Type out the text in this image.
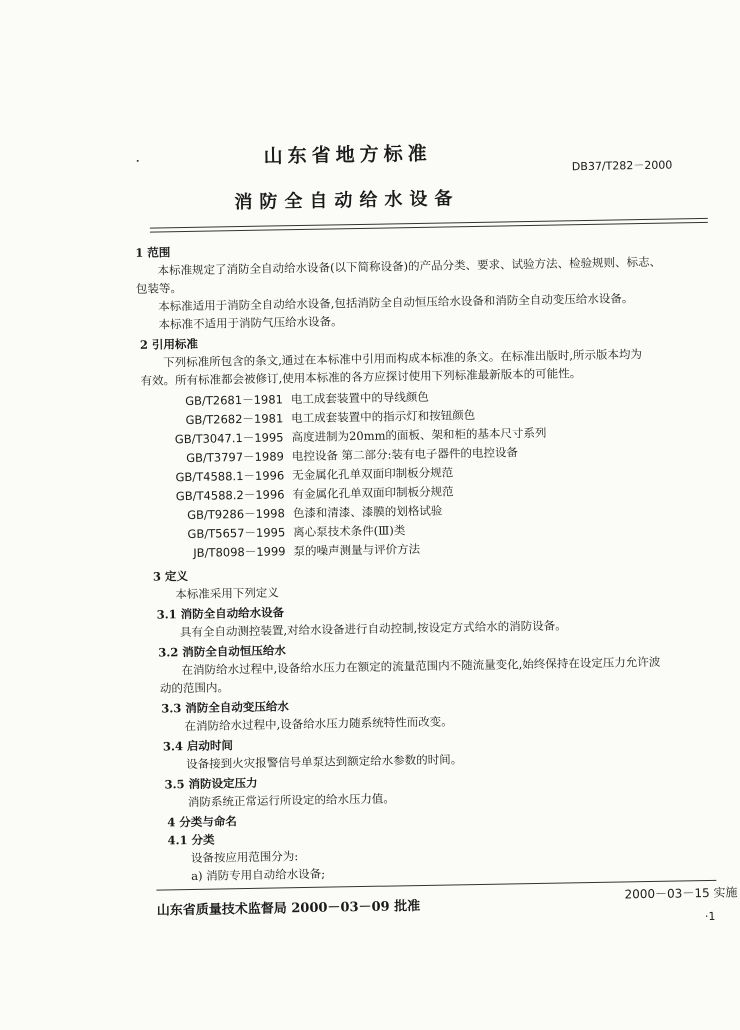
山东省地方标准	DB37/T282－2000
消防全自动给水设备
1 范围
本标准规定了消防全自动给水设备(以下简称设备)的产品分类、要求、试验方法、检验规则、标志、
包装等。
本标准适用于消防全自动给水设备,包括消防全自动恒压给水设备和消防全自动变压给水设备。
本标准不适用于消防气压给水设备。
2 引用标准
下列标准所包含的条文,通过在本标准中引用而构成本标准的条文。在标准出版时,所示版本均为
有效。所有标准都会被修订,使用本标准的各方应探讨使用下列标准最新版本的可能性。
GB/T2681－1981 电工成套装置中的导线颜色
GB/T2682－1981 电工成套装置中的指示灯和按钮颜色
GB/T3047.1－1995 高度进制为20mm的面板、架和柜的基本尺寸系列
GB/T3797－1989 电控设备 第二部分:装有电子器件的电控设备
GB/T4588.1－1996 无金属化孔单双面印制板分规范
GB/T4588.2－1996 有金属化孔单双面印制板分规范
GB/T9286－1998 色漆和清漆、漆膜的划格试验
GB/T5657－1995 离心泵技术条件(Ⅲ)类
JB/T8098－1999 泵的噪声测量与评价方法
3 定义
本标准采用下列定义
3.1 消防全自动给水设备
具有全自动测控装置,对给水设备进行自动控制,按设定方式给水的消防设备。
3.2 消防全自动恒压给水
在消防给水过程中,设备给水压力在额定的流量范围内不随流量变化,始终保持在设定压力允许波
动的范围内。
3.3 消防全自动变压给水
在消防给水过程中,设备给水压力随系统特性而改变。
3.4 启动时间
设备接到火灾报警信号单泵达到额定给水参数的时间。
3.5 消防设定压力
消防系统正常运行所设定的给水压力值。
4 分类与命名
4.1 分类
设备按应用范围分为:
a) 消防专用自动给水设备;
山东省质量技术监督局 2000－03－09 批准
2000－03－15 实施
·1
